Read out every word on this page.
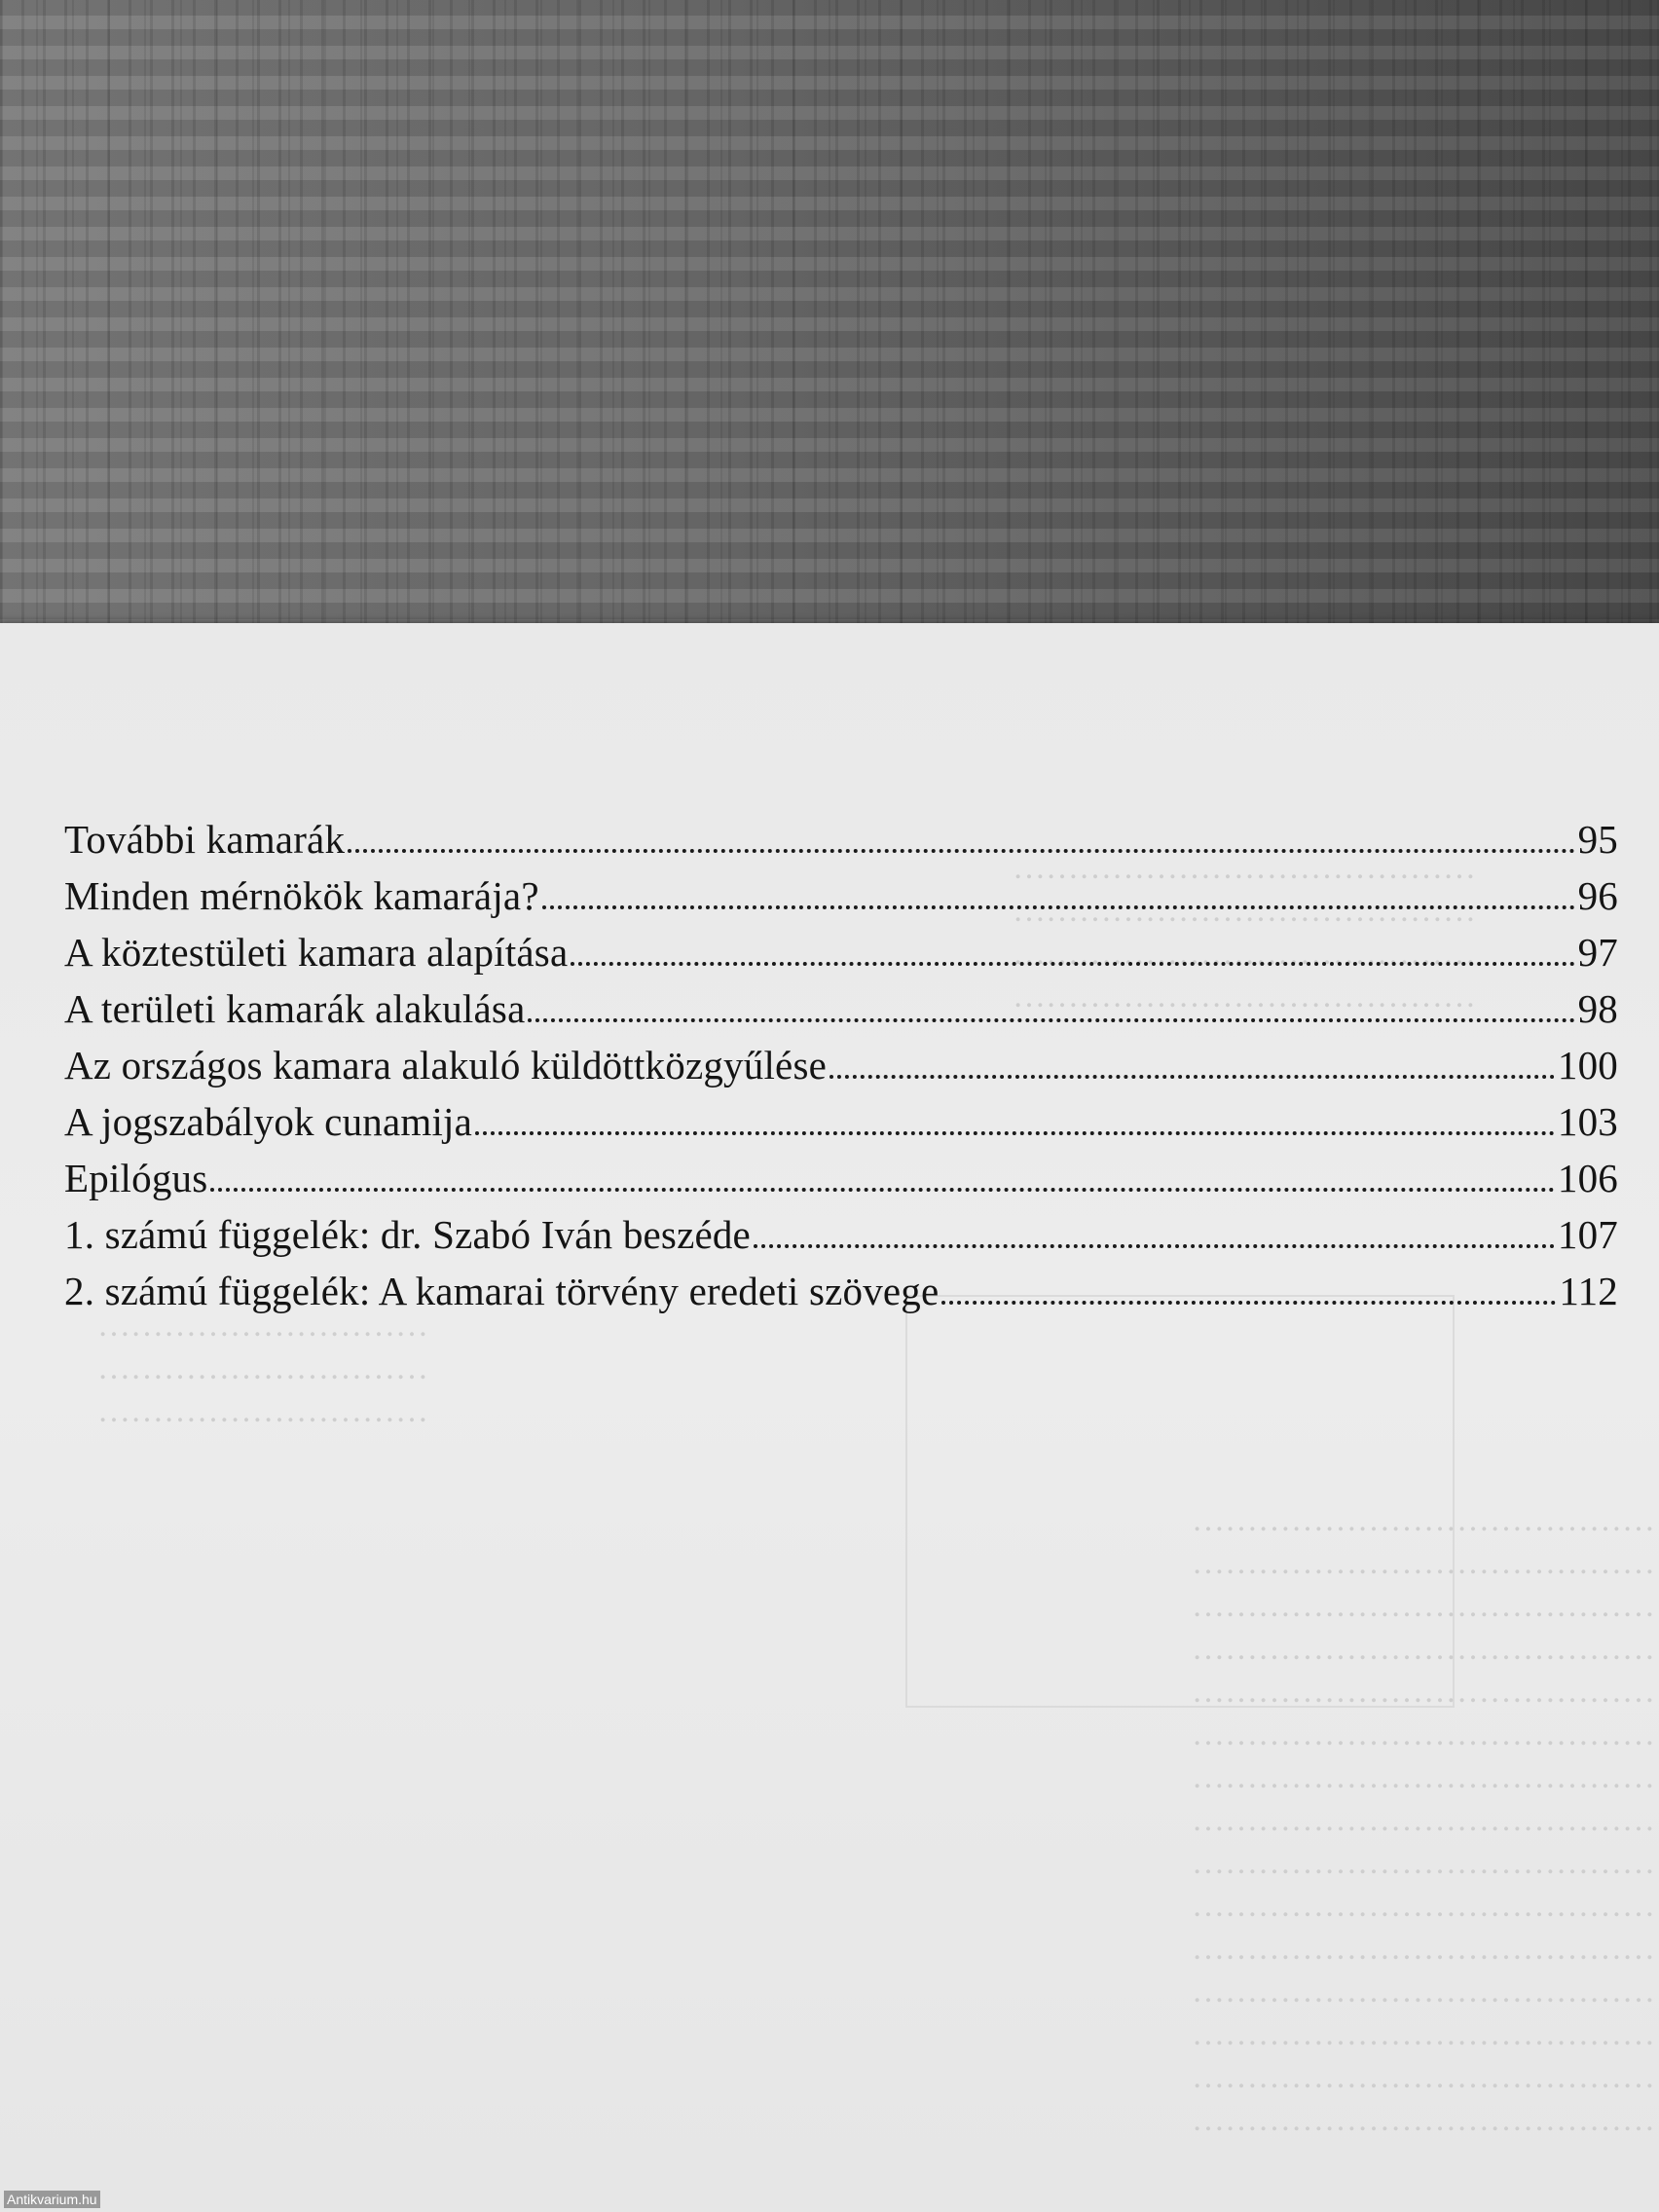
……………………………………
……………………………………
……………………………………
……………………………………
…………………………
…………………………
…………………………
……………………………………
……………………………………
……………………………………
……………………………………
……………………………………
……………………………………
……………………………………
……………………………………
……………………………………
……………………………………
……………………………………
……………………………………
……………………………………
……………………………………
……………………………………
További kamarák	95
Minden mérnökök kamarája?	96
A köztestületi kamara alapítása	97
A területi kamarák alakulása	98
Az országos kamara alakuló küldöttközgyűlése	100
A jogszabályok cunamija	103
Epilógus	106
1. számú függelék: dr. Szabó Iván beszéde	107
2. számú függelék: A kamarai törvény eredeti szövege	112
Antikvarium.hu
